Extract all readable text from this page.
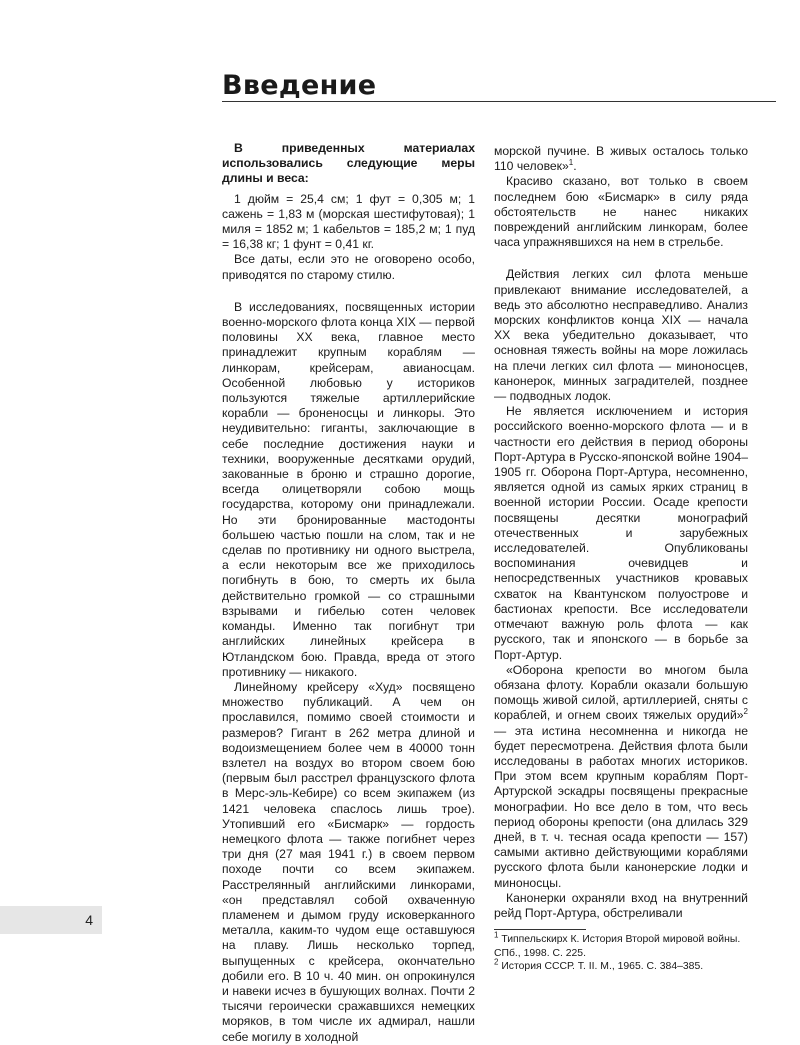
Введение

В приведенных материалах использовались следующие меры длины и веса:

1 дюйм = 25,4 см; 1 фут = 0,305 м; 1 сажень = 1,83 м (морская шестифутовая); 1 миля = 1852 м; 1 кабельтов = 185,2 м; 1 пуд = 16,38 кг; 1 фунт = 0,41 кг.

Все даты, если это не оговорено особо, приводятся по старому стилю.

В исследованиях, посвященных истории военно-морского флота конца XIX — первой половины XX века, главное место принадлежит крупным кораблям — линкорам, крейсерам, авианосцам. Особенной любовью у историков пользуются тяжелые артиллерийские корабли — броненосцы и линкоры. Это неудивительно: гиганты, заключающие в себе последние достижения науки и техники, вооруженные десятками орудий, закованные в броню и страшно дорогие, всегда олицетворяли собою мощь государства, которому они принадлежали. Но эти бронированные мастодонты большею частью пошли на слом, так и не сделав по противнику ни одного выстрела, а если некоторым все же приходилось погибнуть в бою, то смерть их была действительно громкой — со страшными взрывами и гибелью сотен человек команды. Именно так погибнут три английских линейных крейсера в Ютландском бою. Правда, вреда от этого противнику — никакого.

Линейному крейсеру «Худ» посвящено множество публикаций. А чем он прославился, помимо своей стоимости и размеров? Гигант в 262 метра длиной и водоизмещением более чем в 40000 тонн взлетел на воздух во втором своем бою (первым был расстрел французского флота в Мерс-эль-Кебире) со всем экипажем (из 1421 человека спаслось лишь трое). Утопивший его «Бисмарк» — гордость немецкого флота — также погибнет через три дня (27 мая 1941 г.) в своем первом походе почти со всем экипажем. Расстрелянный английскими линкорами, «он представлял собой охваченную пламенем и дымом груду исковерканного металла, каким-то чудом еще оставшуюся на плаву. Лишь несколько торпед, выпущенных с крейсера, окончательно добили его. В 10 ч. 40 мин. он опрокинулся и навеки исчез в бушующих волнах. Почти 2 тысячи героически сражавшихся немецких моряков, в том числе их адмирал, нашли себе могилу в холодной

морской пучине. В живых осталось только 110 человек»$^1$.

Красиво сказано, вот только в своем последнем бою «Бисмарк» в силу ряда обстоятельств не нанес никаких повреждений английским линкорам, более часа упражнявшихся на нем в стрельбе.

Действия легких сил флота меньше привлекают внимание исследователей, а ведь это абсолютно несправедливо. Анализ морских конфликтов конца XIX — начала XX века убедительно доказывает, что основная тяжесть войны на море ложилась на плечи легких сил флота — миноносцев, канонерок, минных заградителей, позднее — подводных лодок.

Не является исключением и история российского военно-морского флота — и в частности его действия в период обороны Порт-Артура в Русско-японской войне 1904–1905 гг. Оборона Порт-Артура, несомненно, является одной из самых ярких страниц в военной истории России. Осаде крепости посвящены десятки монографий отечественных и зарубежных исследователей. Опубликованы воспоминания очевидцев и непосредственных участников кровавых схваток на Квантунском полуострове и бастионах крепости. Все исследователи отмечают важную роль флота — как русского, так и японского — в борьбе за Порт-Артур.

«Оборона крепости во многом была обязана флоту. Корабли оказали большую помощь живой силой, артиллерией, сняты с кораблей, и огнем своих тяжелых орудий»$^2$ — эта истина несомненна и никогда не будет пересмотрена. Действия флота были исследованы в работах многих историков. При этом всем крупным кораблям Порт-Артурской эскадры посвящены прекрасные монографии. Но все дело в том, что весь период обороны крепости (она длилась 329 дней, в т. ч. тесная осада крепости — 157) самыми активно действующими кораблями русского флота были канонерские лодки и миноносцы.

Канонерки охраняли вход на внутренний рейд Порт-Артура, обстреливали

$^1$ Типпельскирх К. История Второй мировой войны. СПб., 1998. С. 225.

$^2$ История СССР. Т. II. М., 1965. С. 384–385.

4
